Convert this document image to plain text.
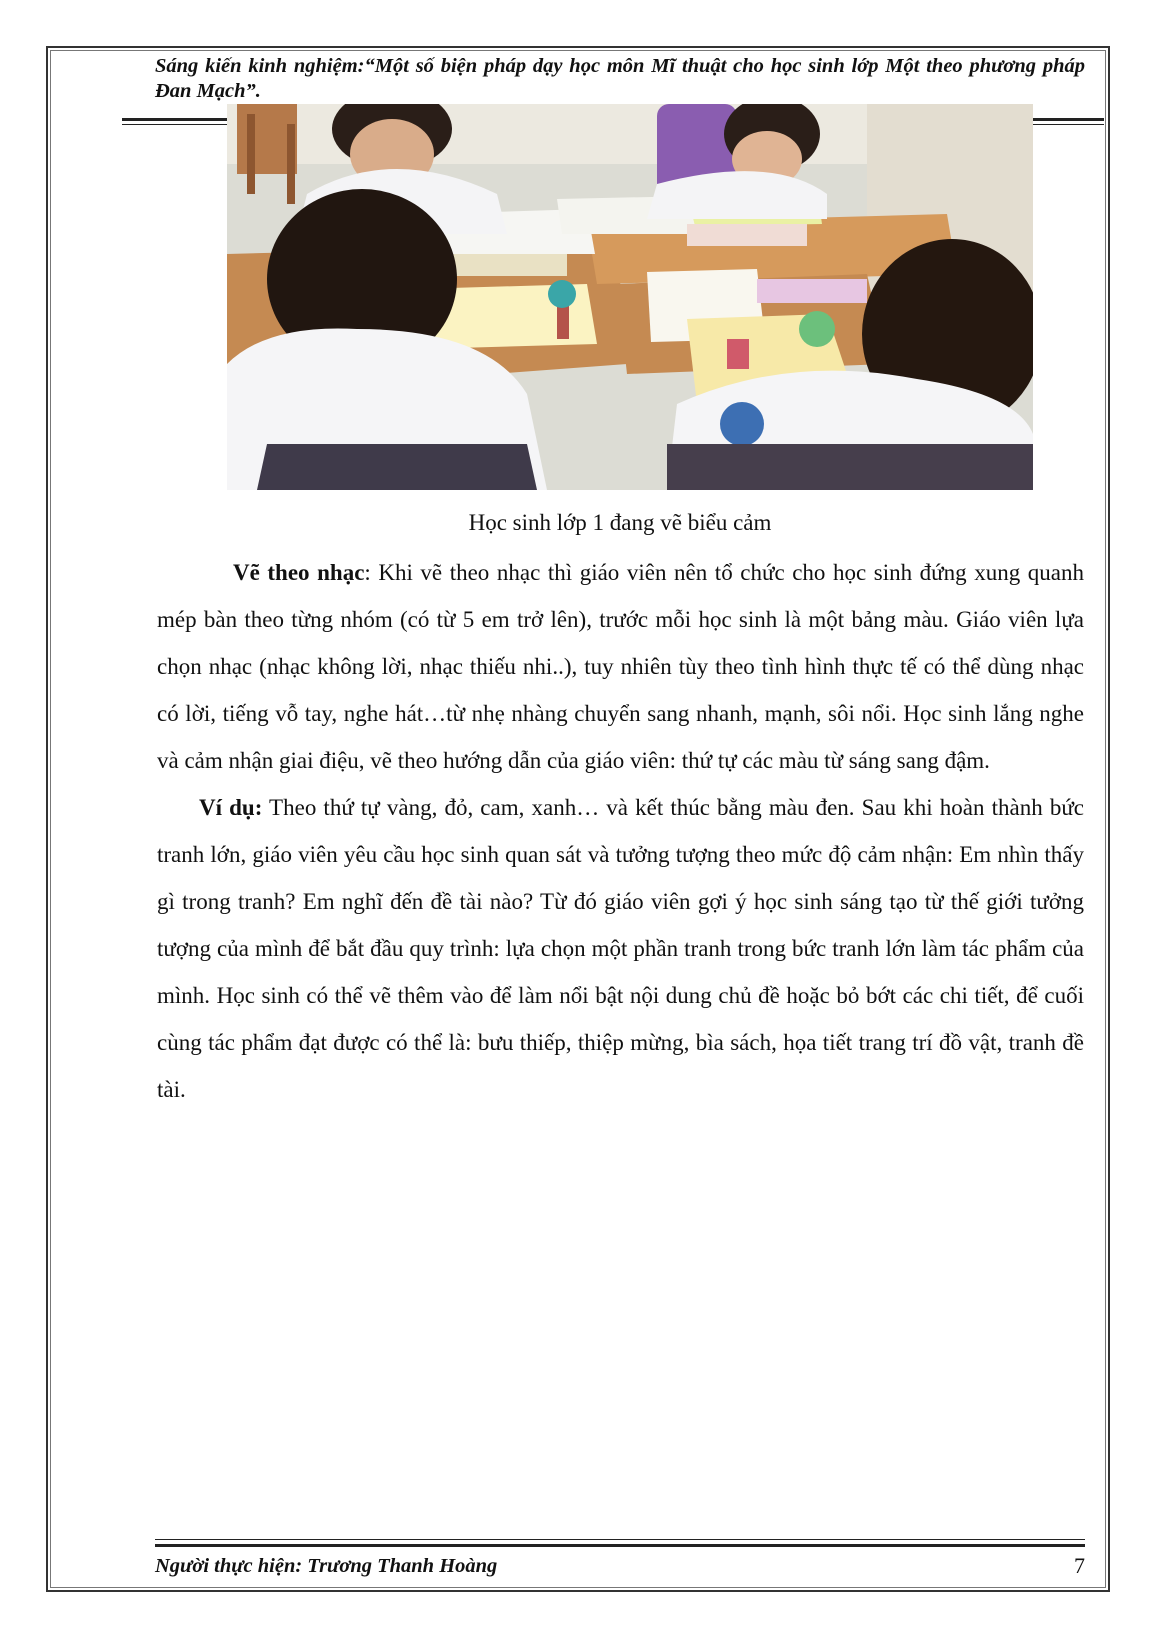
Sáng kiến kinh nghiệm:“Một số biện pháp dạy học môn Mĩ thuật cho học sinh lớp Một theo phương pháp Đan Mạch”.
Học sinh lớp 1 đang vẽ biểu cảm

Vẽ theo nhạc: Khi vẽ theo nhạc thì giáo viên nên tổ chức cho học sinh đứng xung quanh mép bàn theo từng nhóm (có từ 5 em trở lên), trước mỗi học sinh là một bảng màu. Giáo viên lựa chọn nhạc (nhạc không lời, nhạc thiếu nhi..), tuy nhiên tùy theo tình hình thực tế có thể dùng nhạc có lời, tiếng vỗ tay, nghe hát…từ nhẹ nhàng chuyển sang nhanh, mạnh, sôi nổi. Học sinh lắng nghe và cảm nhận giai điệu, vẽ theo hướng dẫn của giáo viên: thứ tự các màu từ sáng sang đậm.

Ví dụ: Theo thứ tự vàng, đỏ, cam, xanh… và kết thúc bằng màu đen. Sau khi hoàn thành bức tranh lớn, giáo viên yêu cầu học sinh quan sát và tưởng tượng theo mức độ cảm nhận: Em nhìn thấy gì trong tranh? Em nghĩ đến đề tài nào? Từ đó giáo viên gợi ý học sinh sáng tạo từ thế giới tưởng tượng của mình để bắt đầu quy trình: lựa chọn một phần tranh trong bức tranh lớn làm tác phẩm của mình. Học sinh có thể vẽ thêm vào để làm nổi bật nội dung chủ đề hoặc bỏ bớt các chi tiết, để cuối cùng tác phẩm đạt được có thể là: bưu thiếp, thiệp mừng, bìa sách, họa tiết trang trí đồ vật, tranh đề tài.

Người thực hiện: Trương Thanh Hoàng	7
